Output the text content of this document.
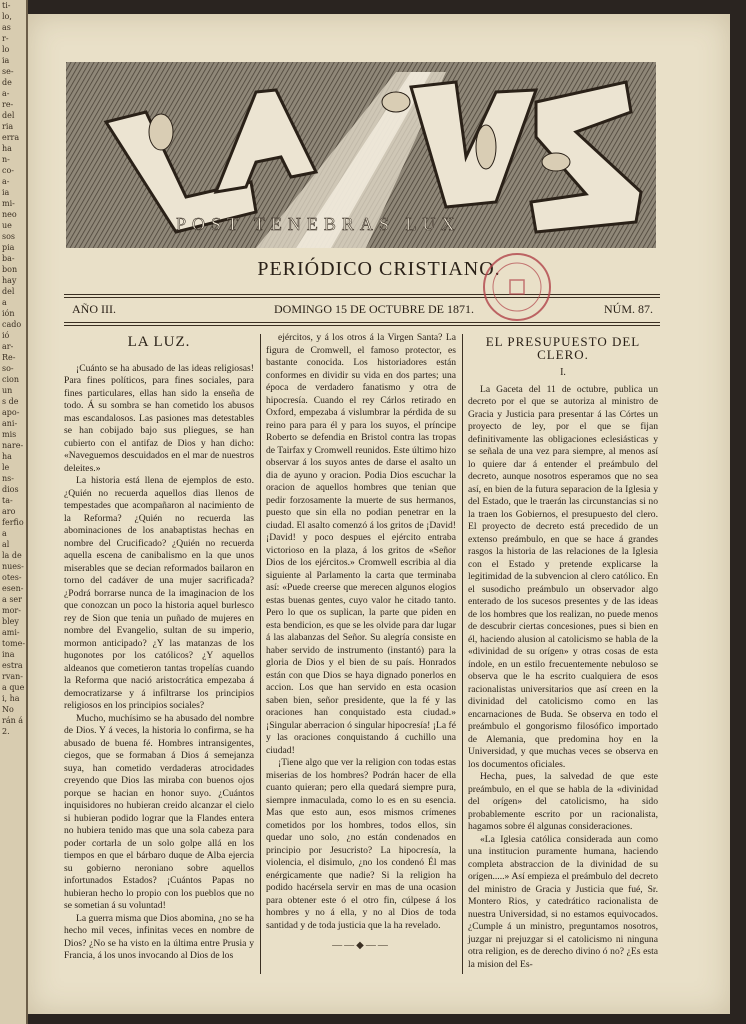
ti-
lo,
as
r-
lo
ia
se-
de
a-
re-
del
ria
erra
ha
n-
co-
a-
ia
mi-
neo
ue
sos
pia
ba-
bon
hay
del
a
ión
cado
ió
ar-
Re-
so-
cion
un
s de
apo-
ani-
mis
nare-
ha
le
ns-
dios
ta-
aro
ferfio
a
al
la de
nues-
otes-
esen-
a ser
mor-
bley
ami-
tome-
ina
estra
rvan-
a que
i, ha
No
rán á
2.
POST TENEBRAS LUX
PERIÓDICO CRISTIANO.
AÑO III.	DOMINGO 15 DE OCTUBRE DE 1871.	NÚM. 87.
LA LUZ.

¡Cuánto se ha abusado de las ideas religiosas! Para fines políticos, para fines sociales, para fines particulares, ellas han sido la enseña de todo. Á su sombra se han cometido los abusos mas escandalosos. Las pasiones mas detestables se han cobijado bajo sus pliegues, se han cubierto con el antifaz de Dios y han dicho: «Naveguemos descuidados en el mar de nuestros deleites.»

La historia está llena de ejemplos de esto. ¿Quién no recuerda aquellos dias llenos de tempestades que acompañaron al nacimiento de la Reforma? ¿Quién no recuerda las abominaciones de los anabaptistas hechas en nombre del Crucificado? ¿Quién no recuerda aquella escena de canibalismo en la que unos miserables que se decian reformados bailaron en torno del cadáver de una mujer sacrificada? ¿Podrá borrarse nunca de la imaginacion de los que conozcan un poco la historia aquel burlesco rey de Sion que tenia un puñado de mujeres en nombre del Evangelio, sultan de su imperio, mormon anticipado? ¿Y las matanzas de los hugonotes por los católicos? ¿Y aquellos aldeanos que cometieron tantas tropelías cuando la Reforma que nació aristocrática empezaba á democratizarse y á infiltrarse los principios religiosos en los principios sociales?

Mucho, muchísimo se ha abusado del nombre de Dios. Y á veces, la historia lo confirma, se ha abusado de buena fé. Hombres intransigentes, ciegos, que se formaban á Dios á semejanza suya, han cometido verdaderas atrocidades creyendo que Dios las miraba con buenos ojos porque se hacian en honor suyo. ¿Cuántos inquisidores no hubieran creido alcanzar el cielo si hubieran podido lograr que la Flandes entera no hubiera tenido mas que una sola cabeza para poder cortarla de un solo golpe allá en los tiempos en que el bárbaro duque de Alba ejercia su gobierno neroniano sobre aquellos infortunados Estados? ¡Cuántos Papas no hubieran hecho lo propio con los pueblos que no se sometian á su voluntad!

La guerra misma que Dios abomina, ¿no se ha hecho mil veces, infinitas veces en nombre de Dios? ¿No se ha visto en la última entre Prusia y Francia, á los unos invocando al Dios de los

ejércitos, y á los otros á la Virgen Santa? La figura de Cromwell, el famoso protector, es bastante conocida. Los historiadores están conformes en dividir su vida en dos partes; una época de verdadero fanatismo y otra de hipocresía. Cuando el rey Cárlos retirado en Oxford, empezaba á vislumbrar la pérdida de su reino para para él y para los suyos, el príncipe Roberto se defendia en Bristol contra las tropas de Tairfax y Cromwell reunidos. Este último hizo observar á los suyos antes de darse el asalto un dia de ayuno y oracion. Podia Dios escuchar la oracion de aquellos hombres que tenian que pedir forzosamente la muerte de sus hermanos, puesto que sin ella no podian penetrar en la ciudad. El asalto comenzó á los gritos de ¡David! ¡David! y poco despues el ejército entraba victorioso en la plaza, á los gritos de «Señor Dios de los ejércitos.» Cromwell escribia al dia siguiente al Parlamento la carta que terminaba así: «Puede creerse que merecen algunos elogios estas buenas gentes, cuyo valor he citado tanto. Pero lo que os suplican, la parte que piden en esta bendicion, es que se les olvide para dar lugar á las alabanzas del Señor. Su alegría consiste en haber servido de instrumento (instantó) para la gloria de Dios y el bien de su país. Honrados están con que Dios se haya dignado ponerlos en accion. Los que han servido en esta ocasion saben bien, señor presidente, que la fé y las oraciones han conquistado esta ciudad.» ¡Singular aberracion ó singular hipocresía! ¡La fé y las oraciones conquistando á cuchillo una ciudad!

¡Tiene algo que ver la religion con todas estas miserias de los hombres? Podrán hacer de ella cuanto quieran; pero ella quedará siempre pura, siempre inmaculada, como lo es en su esencia. Mas que esto aun, esos mismos crímenes cometidos por los hombres, todos ellos, sin quedar uno solo, ¿no están condenados en principio por Jesucristo? La hipocresía, la violencia, el disimulo, ¿no los condenó Él mas enérgicamente que nadie? Si la religion ha podido hacérsela servir en mas de una ocasion para obtener este ó el otro fin, cúlpese á los hombres y no á ella, y no al Dios de toda santidad y de toda justicia que la ha revelado.

——◆——
EL PRESUPUESTO DEL CLERO.
I.

La Gaceta del 11 de octubre, publica un decreto por el que se autoriza al ministro de Gracia y Justicia para presentar á las Córtes un proyecto de ley, por el que se fijan definitivamente las obligaciones eclesiásticas y se señala de una vez para siempre, al menos así lo quiere dar á entender el preámbulo del decreto, aunque nosotros esperamos que no sea así, en bien de la futura separacion de la Iglesia y del Estado, que le traerán las circunstancias si no la traen los Gobiernos, el presupuesto del clero. El proyecto de decreto está precedido de un extenso preámbulo, en que se hace á grandes rasgos la historia de las relaciones de la Iglesia con el Estado y pretende explicarse la legitimidad de la subvencion al clero católico. En el susodicho preámbulo un observador algo enterado de los sucesos presentes y de las ideas de los hombres que los realizan, no puede menos de descubrir ciertas concesiones, pues si bien en él, haciendo alusion al catolicismo se habla de la «divinidad de su orígen» y otras cosas de esta índole, en un estilo frecuentemente nebuloso se observa que le ha escrito cualquiera de esos racionalistas universitarios que así creen en la divinidad del catolicismo como en las encarnaciones de Buda. Se observa en todo el preámbulo el gongorismo filosófico importado de Alemania, que predomina hoy en la Universidad, y que muchas veces se observa en los documentos oficiales.

Hecha, pues, la salvedad de que este preámbulo, en el que se habla de la «divinidad del orígen» del catolicismo, ha sido probablemente escrito por un racionalista, hagamos sobre él algunas consideraciones.

«La Iglesia católica considerada aun como una institucion puramente humana, haciendo completa abstraccion de la divinidad de su orígen.....» Así empieza el preámbulo del decreto del ministro de Gracia y Justicia que fué, Sr. Montero Rios, y catedrático racionalista de nuestra Universidad, si no estamos equivocados. ¿Cumple á un ministro, preguntamos nosotros, juzgar ni prejuzgar si el catolicismo ni ninguna otra religion, es de derecho divino ó no? ¿Es esta la mision del Es-
